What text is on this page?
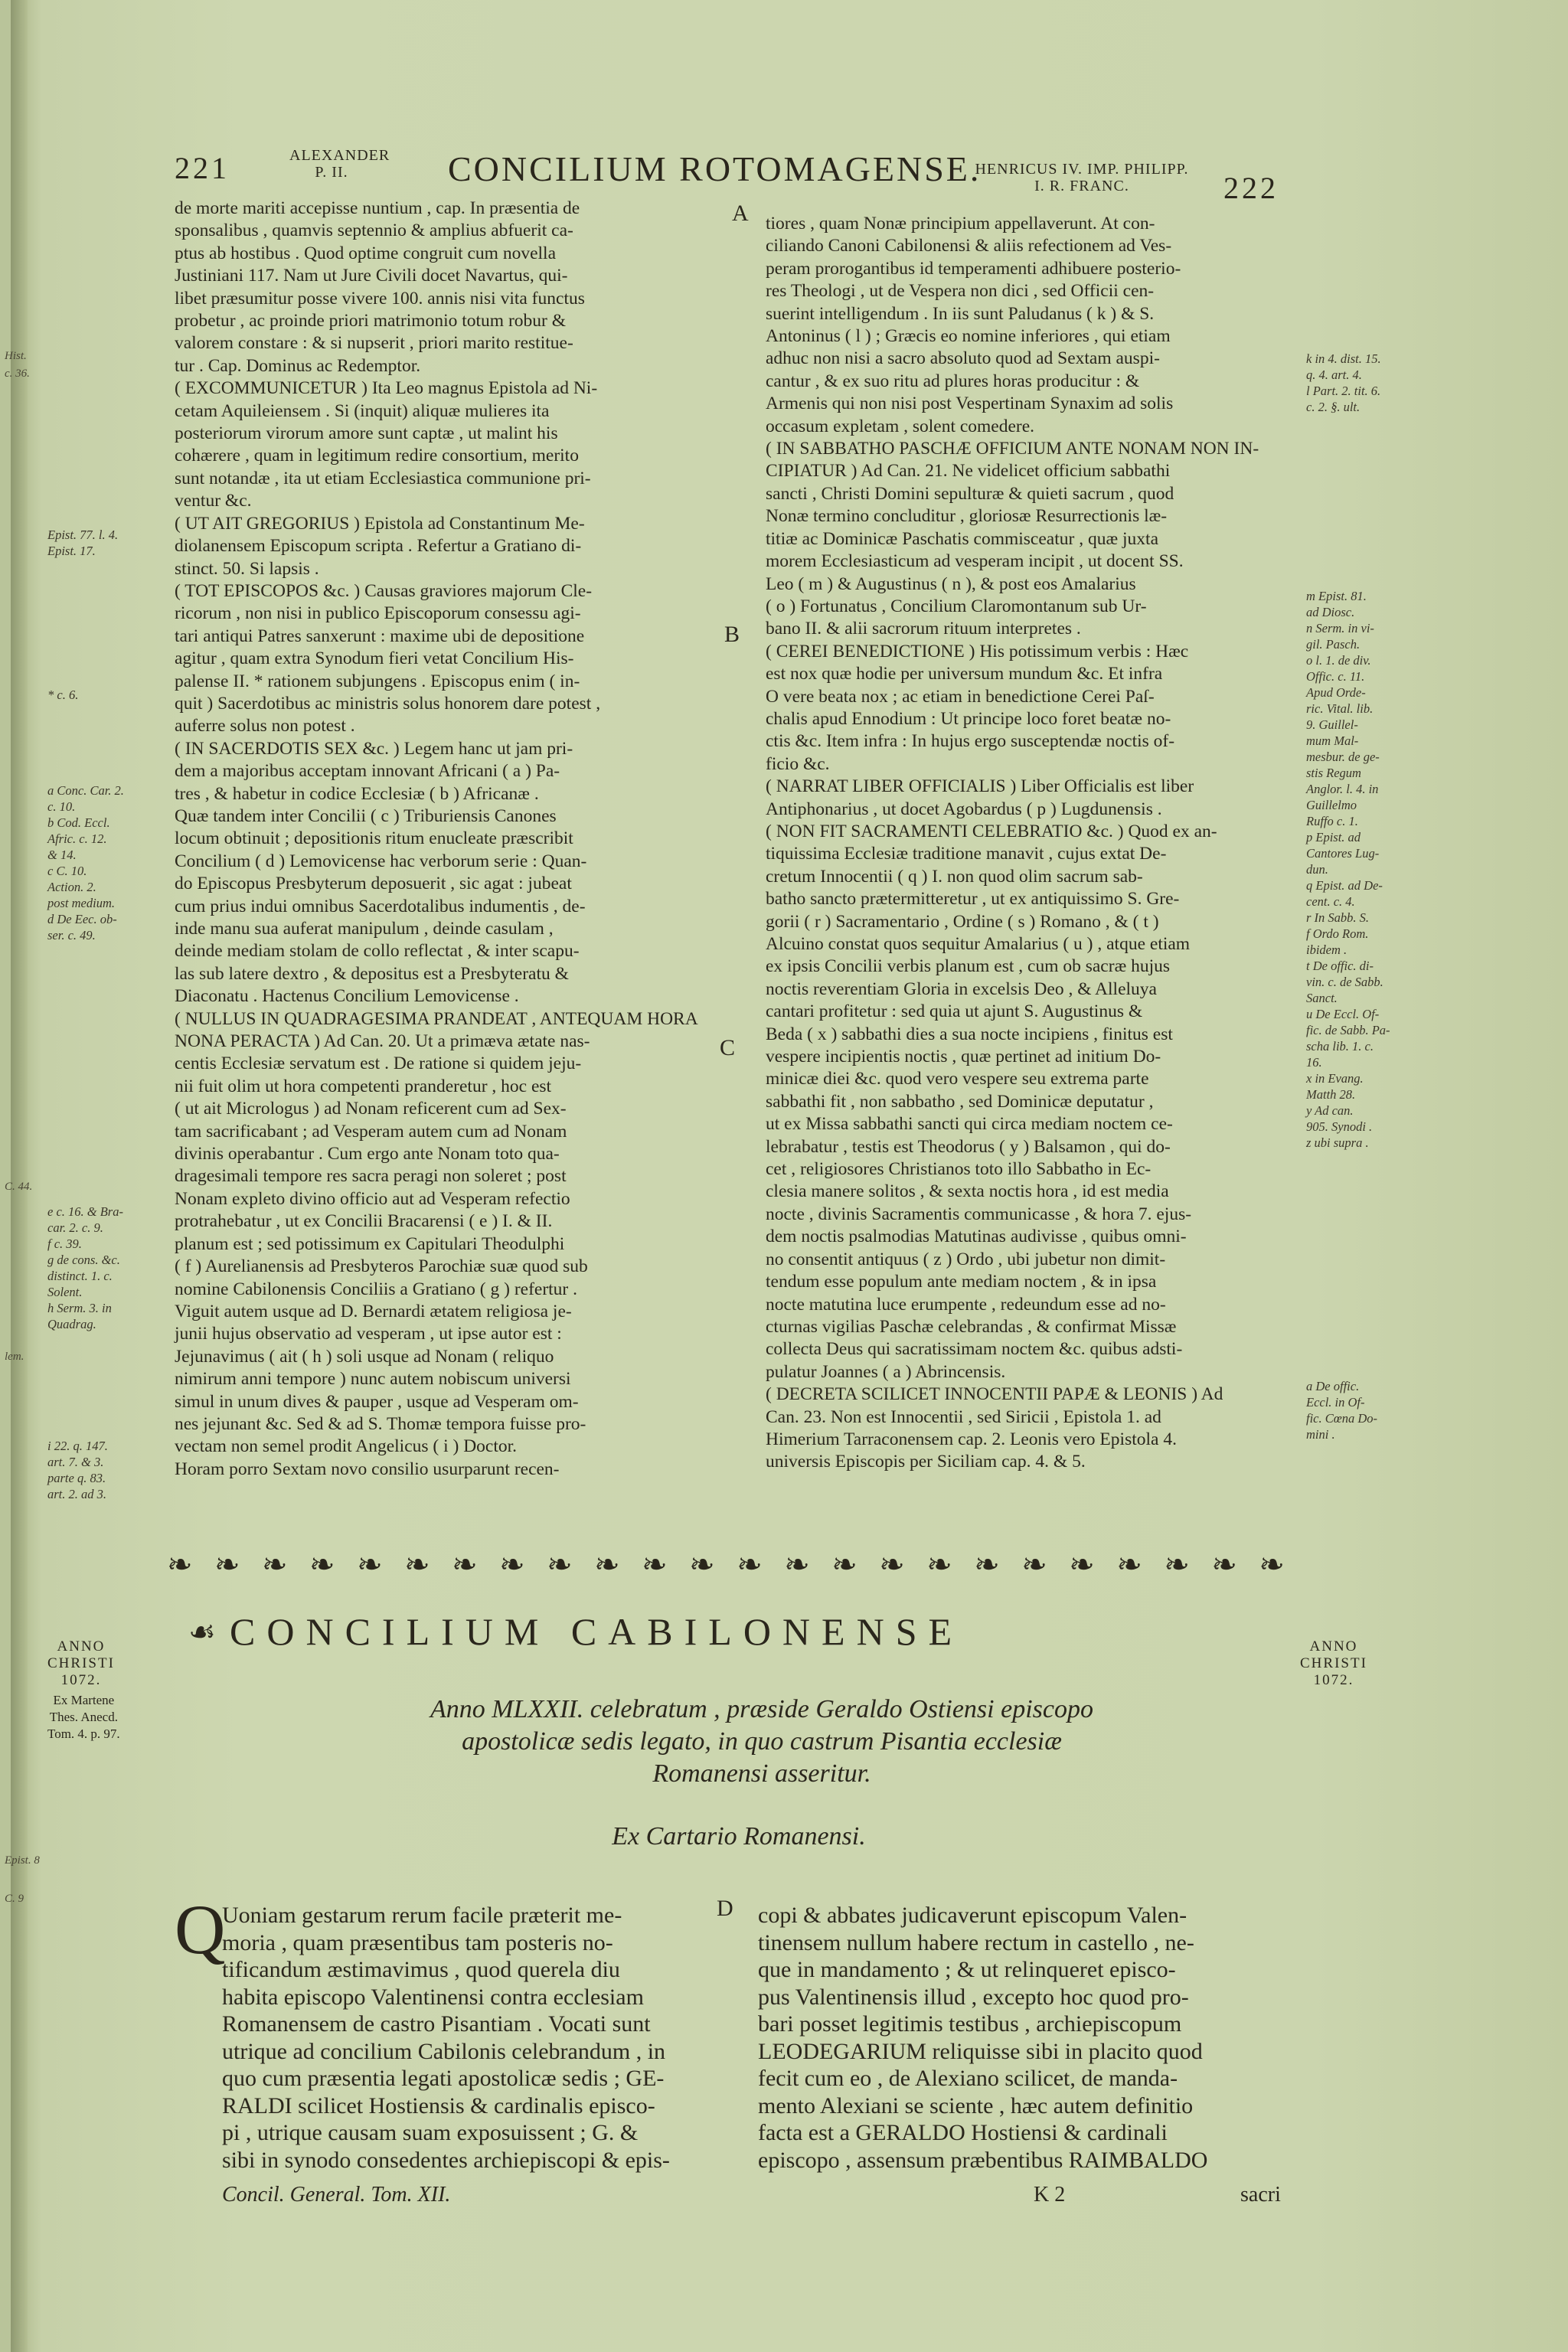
Hist.
c. 36.
C. 44.
lem.
Epist. 8
C. 9
221	ALEXANDER P. II.	CONCILIUM ROTOMAGENSE.
HENRICUS IV. IMP. PHILIPP. I. R. FRANC.	222
A
B
C
D
de morte mariti accepisse nuntium , cap. In præsentia de
sponsalibus , quamvis septennio & amplius abfuerit ca-
ptus ab hostibus . Quod optime congruit cum novella
Justiniani 117. Nam ut Jure Civili docet Navartus, qui-
libet præsumitur posse vivere 100. annis nisi vita functus
probetur , ac proinde priori matrimonio totum robur &
valorem constare : & si nupserit , priori marito restitue-
tur . Cap. Dominus ac Redemptor.
( EXCOMMUNICETUR ) Ita Leo magnus Epistola ad Ni-
cetam Aquileiensem . Si (inquit) aliquæ mulieres ita
posteriorum virorum amore sunt captæ , ut malint his
cohærere , quam in legitimum redire consortium, merito
sunt notandæ , ita ut etiam Ecclesiastica communione pri-
ventur &c.
( UT AIT GREGORIUS ) Epistola ad Constantinum Me-
diolanensem Episcopum scripta . Refertur a Gratiano di-
stinct. 50. Si lapsis .
( TOT EPISCOPOS &c. ) Causas graviores majorum Cle-
ricorum , non nisi in publico Episcoporum consessu agi-
tari antiqui Patres sanxerunt : maxime ubi de depositione
agitur , quam extra Synodum fieri vetat Concilium His-
palense II. * rationem subjungens . Episcopus enim ( in-
quit ) Sacerdotibus ac ministris solus honorem dare potest ,
auferre solus non potest .
( IN SACERDOTIS SEX &c. ) Legem hanc ut jam pri-
dem a majoribus acceptam innovant Africani ( a ) Pa-
tres , & habetur in codice Ecclesiæ ( b ) Africanæ .
Quæ tandem inter Concilii ( c ) Triburiensis Canones
locum obtinuit ; depositionis ritum enucleate præscribit
Concilium ( d ) Lemovicense hac verborum serie : Quan-
do Episcopus Presbyterum deposuerit , sic agat : jubeat
cum prius indui omnibus Sacerdotalibus indumentis , de-
inde manu sua auferat manipulum , deinde casulam ,
deinde mediam stolam de collo reflectat , & inter scapu-
las sub latere dextro , & depositus est a Presbyteratu &
Diaconatu . Hactenus Concilium Lemovicense .
( NULLUS IN QUADRAGESIMA PRANDEAT , ANTEQUAM HORA
NONA PERACTA ) Ad Can. 20. Ut a primæva ætate nas-
centis Ecclesiæ servatum est . De ratione si quidem jeju-
nii fuit olim ut hora competenti pranderetur , hoc est
( ut ait Micrologus ) ad Nonam reficerent cum ad Sex-
tam sacrificabant ; ad Vesperam autem cum ad Nonam
divinis operabantur . Cum ergo ante Nonam toto qua-
dragesimali tempore res sacra peragi non soleret ; post
Nonam expleto divino officio aut ad Vesperam refectio
protrahebatur , ut ex Concilii Bracarensi ( e ) I. & II.
planum est ; sed potissimum ex Capitulari Theodulphi
( f ) Aurelianensis ad Presbyteros Parochiæ suæ quod sub
nomine Cabilonensis Conciliis a Gratiano ( g ) refertur .
Viguit autem usque ad D. Bernardi ætatem religiosa je-
junii hujus observatio ad vesperam , ut ipse autor est :
Jejunavimus ( ait ( h ) soli usque ad Nonam ( reliquo
nimirum anni tempore ) nunc autem nobiscum universi
simul in unum dives & pauper , usque ad Vesperam om-
nes jejunant &c. Sed & ad S. Thomæ tempora fuisse pro-
vectam non semel prodit Angelicus ( i ) Doctor.
Horam porro Sextam novo consilio usurparunt recen-
tiores , quam Nonæ principium appellaverunt. At con-
ciliando Canoni Cabilonensi & aliis refectionem ad Ves-
peram prorogantibus id temperamenti adhibuere posterio-
res Theologi , ut de Vespera non dici , sed Officii cen-
suerint intelligendum . In iis sunt Paludanus ( k ) & S.
Antoninus ( l ) ; Græcis eo nomine inferiores , qui etiam
adhuc non nisi a sacro absoluto quod ad Sextam auspi-
cantur , & ex suo ritu ad plures horas producitur : &
Armenis qui non nisi post Vespertinam Synaxim ad solis
occasum expletam , solent comedere.
( IN SABBATHO PASCHÆ OFFICIUM ANTE NONAM NON IN-
CIPIATUR ) Ad Can. 21. Ne videlicet officium sabbathi
sancti , Christi Domini sepulturæ & quieti sacrum , quod
Nonæ termino concluditur , gloriosæ Resurrectionis læ-
titiæ ac Dominicæ Paschatis commisceatur , quæ juxta
morem Ecclesiasticum ad vesperam incipit , ut docent SS.
Leo ( m ) & Augustinus ( n ), & post eos Amalarius
( o ) Fortunatus , Concilium Claromontanum sub Ur-
bano II. & alii sacrorum rituum interpretes .
( CEREI BENEDICTIONE ) His potissimum verbis : Hæc
est nox quæ hodie per universum mundum &c. Et infra
O vere beata nox ; ac etiam in benedictione Cerei Paſ-
chalis apud Ennodium : Ut principe loco foret beatæ no-
ctis &c. Item infra : In hujus ergo susceptendæ noctis of-
ficio &c.
( NARRAT LIBER OFFICIALIS ) Liber Officialis est liber
Antiphonarius , ut docet Agobardus ( p ) Lugdunensis .
( NON FIT SACRAMENTI CELEBRATIO &c. ) Quod ex an-
tiquissima Ecclesiæ traditione manavit , cujus extat De-
cretum Innocentii ( q ) I. non quod olim sacrum sab-
batho sancto prætermitteretur , ut ex antiquissimo S. Gre-
gorii ( r ) Sacramentario , Ordine ( s ) Romano , & ( t )
Alcuino constat quos sequitur Amalarius ( u ) , atque etiam
ex ipsis Concilii verbis planum est , cum ob sacræ hujus
noctis reverentiam Gloria in excelsis Deo , & Alleluya
cantari profitetur : sed quia ut ajunt S. Augustinus &
Beda ( x ) sabbathi dies a sua nocte incipiens , finitus est
vespere incipientis noctis , quæ pertinet ad initium Do-
minicæ diei &c. quod vero vespere seu extrema parte
sabbathi fit , non sabbatho , sed Dominicæ deputatur ,
ut ex Missa sabbathi sancti qui circa mediam noctem ce-
lebrabatur , testis est Theodorus ( y ) Balsamon , qui do-
cet , religiosores Christianos toto illo Sabbatho in Ec-
clesia manere solitos , & sexta noctis hora , id est media
nocte , divinis Sacramentis communicasse , & hora 7. ejus-
dem noctis psalmodias Matutinas audivisse , quibus omni-
no consentit antiquus ( z ) Ordo , ubi jubetur non dimit-
tendum esse populum ante mediam noctem , & in ipsa
nocte matutina luce erumpente , redeundum esse ad no-
cturnas vigilias Paschæ celebrandas , & confirmat Missæ
collecta Deus qui sacratissimam noctem &c. quibus adsti-
pulatur Joannes ( a ) Abrincensis.
( DECRETA SCILICET INNOCENTII PAPÆ & LEONIS ) Ad
Can. 23. Non est Innocentii , sed Siricii , Epistola 1. ad
Himerium Tarraconensem cap. 2. Leonis vero Epistola 4.
universis Episcopis per Siciliam cap. 4. & 5.
Epist. 77. l. 4.
Epist. 17.
* c. 6.
a Conc. Car. 2.
c. 10.
b Cod. Eccl.
Afric. c. 12.
& 14.
c C. 10.
Action. 2.
post medium.
d De Eec. ob-
ser. c. 49.
e c. 16. & Bra-
car. 2. c. 9.
f c. 39.
g de cons. &c.
distinct. 1. c.
Solent.
h Serm. 3. in
Quadrag.
i 22. q. 147.
art. 7. & 3.
parte q. 83.
art. 2. ad 3.
k in 4. dist. 15.
q. 4. art. 4.
l Part. 2. tit. 6.
c. 2. §. ult.
m Epist. 81.
ad Diosc.
n Serm. in vi-
gil. Pasch.
o l. 1. de div.
Offic. c. 11.
Apud Orde-
ric. Vital. lib.
9. Guillel-
mum Mal-
mesbur. de ge-
stis Regum
Anglor. l. 4. in
Guillelmo
Ruffo c. 1.
p Epist. ad
Cantores Lug-
dun.
q Epist. ad De-
cent. c. 4.
r In Sabb. S.
f Ordo Rom.
ibidem .
t De offic. di-
vin. c. de Sabb.
Sanct.
u De Eccl. Of-
fic. de Sabb. Pa-
scha lib. 1. c.
16.
x in Evang.
Matth 28.
y Ad can.
905. Synodi .
z ubi supra .
a De offic.
Eccl. in Of-
fic. Cœna Do-
mini .
❧ ❧ ❧ ❧ ❧ ❧ ❧ ❧ ❧ ❧ ❧ ❧ ❧ ❧ ❧ ❧ ❧ ❧ ❧ ❧ ❧ ❧ ❧ ❧
ANNO
CHRISTI
1072.
Ex Martene
Thes. Anecd.
Tom. 4. p. 97.
☙ CONCILIUM CABILONENSE	ANNO
CHRISTI
1072.
Anno MLXXII. celebratum , præside Geraldo Ostiensi episcopo
apostolicæ sedis legato, in quo castrum Pisantia ecclesiæ
Romanensi asseritur.
Ex Cartario Romanensi.
Q
Uoniam gestarum rerum facile præterit me-
moria , quam præsentibus tam posteris no-
tificandum æstimavimus , quod querela diu
habita episcopo Valentinensi contra ecclesiam
Romanensem de castro Pisantiam . Vocati sunt
utrique ad concilium Cabilonis celebrandum , in
quo cum præsentia legati apostolicæ sedis ; GE-
RALDI scilicet Hostiensis & cardinalis episco-
pi , utrique causam suam exposuissent ; G. &
sibi in synodo consedentes archiepiscopi & epis-
copi & abbates judicaverunt episcopum Valen-
tinensem nullum habere rectum in castello , ne-
que in mandamento ; & ut relinqueret episco-
pus Valentinensis illud , excepto hoc quod pro-
bari posset legitimis testibus , archiepiscopum
LEODEGARIUM reliquisse sibi in placito quod
fecit cum eo , de Alexiano scilicet, de manda-
mento Alexiani se sciente , hæc autem definitio
facta est a GERALDO Hostiensi & cardinali
episcopo , assensum præbentibus RAIMBALDO
Concil. General. Tom. XII.	K 2	sacri
